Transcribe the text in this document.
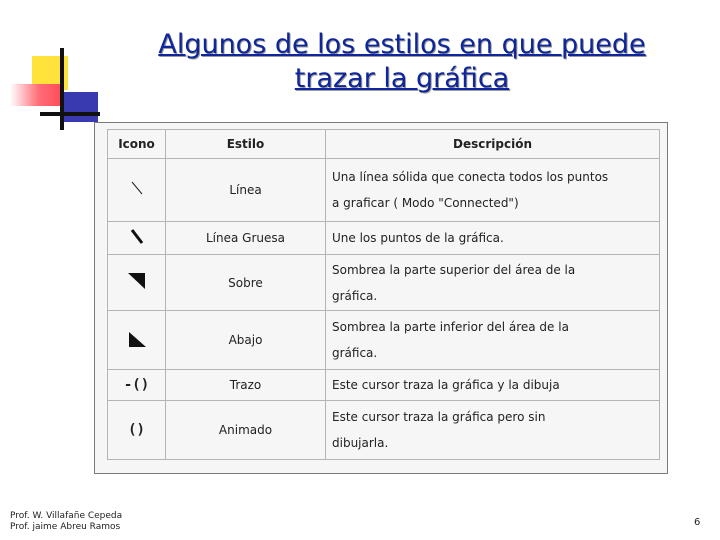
Algunos de los estilos en que puede
trazar la gráfica
Icono	Estilo	Descripción
	Línea	Una línea sólida que conecta todos los puntos
a graficar ( Modo "Connected")
	Línea Gruesa	Une los puntos de la gráfica.
	Sobre	Sombrea la parte superior del área de la
gráfica.
	Abajo	Sombrea la parte inferior del área de la
gráfica.
-()	Trazo	Este cursor traza la gráfica y la dibuja
()	Animado	Este cursor traza la gráfica pero sin
dibujarla.
Prof. W. Villafañe Cepeda
Prof. jaime Abreu Ramos	6
